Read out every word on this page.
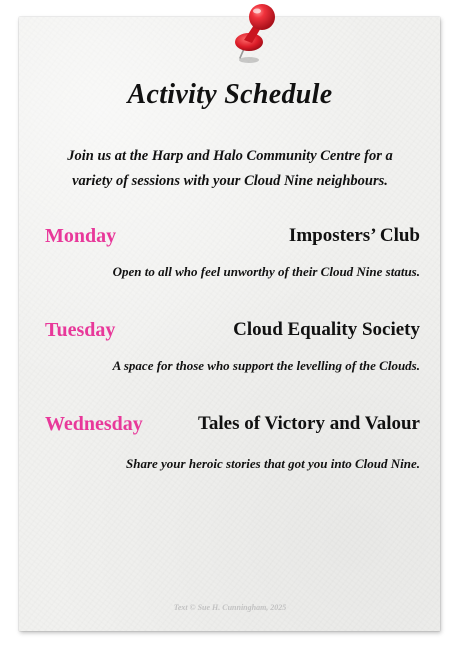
Activity Schedule
Join us at the Harp and Halo Community Centre for a
variety of sessions with your Cloud Nine neighbours.
Monday	Imposters’ Club
Open to all who feel unworthy of their Cloud Nine status.
Tuesday	Cloud Equality Society
A space for those who support the levelling of the Clouds.
Wednesday	Tales of Victory and Valour
Share your heroic stories that got you into Cloud Nine.
Text © Sue H. Cunningham, 2025
